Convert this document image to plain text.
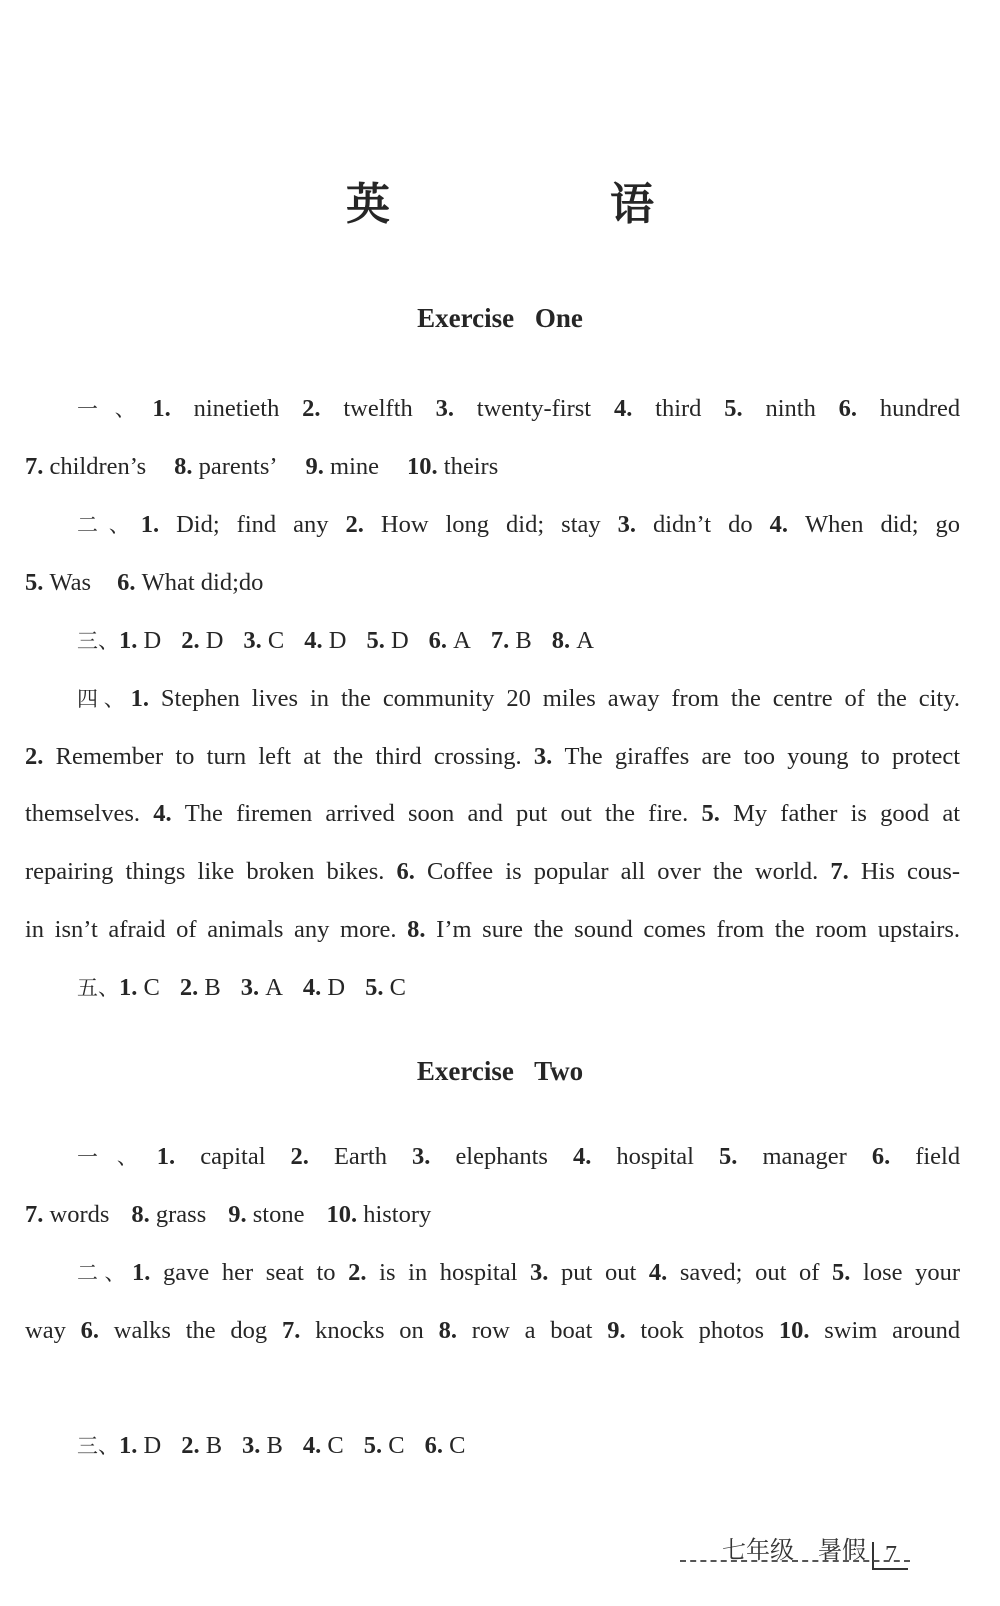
英　语
Exercise One
一、1. ninetieth 2. twelfth 3. twenty-first 4. third 5. ninth 6. hundred
7. children’s 8. parents’ 9. mine 10. theirs
二、1. Did; find any 2. How long did; stay 3. didn’t do 4. When did; go
5. Was 6. What did;do
三、1. D 2. D 3. C 4. D 5. D 6. A 7. B 8. A
四、1. Stephen lives in the community 20 miles away from the centre of the city.
2. Remember to turn left at the third crossing. 3. The giraffes are too young to protect
themselves. 4. The firemen arrived soon and put out the fire. 5. My father is good at
repairing things like broken bikes. 6. Coffee is popular all over the world. 7. His cous-
in isn’t afraid of animals any more. 8. I’m sure the sound comes from the room upstairs.
五、1. C 2. B 3. A 4. D 5. C
Exercise Two
一、1. capital 2. Earth 3. elephants 4. hospital 5. manager 6. field
7. words 8. grass 9. stone 10. history
二、1. gave her seat to 2. is in hospital 3. put out 4. saved; out of 5. lose your
way 6. walks the dog 7. knocks on 8. row a boat 9. took photos 10. swim around
三、1. D 2. B 3. B 4. C 5. C 6. C
七年级　暑假 7
